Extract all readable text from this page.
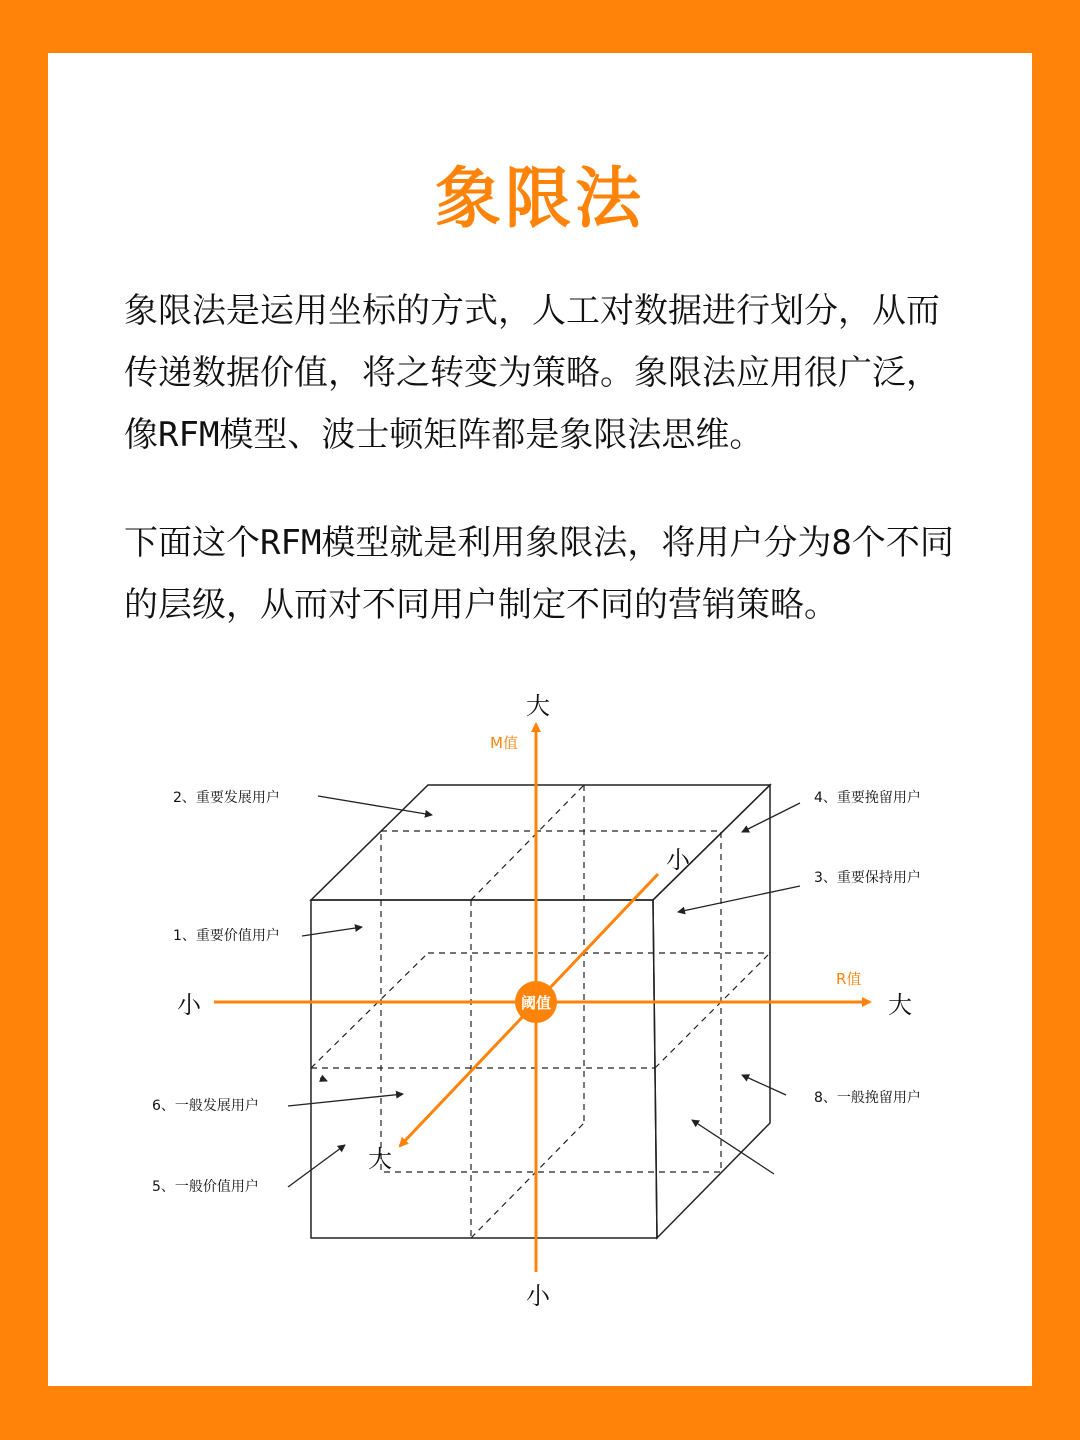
象限法

象限法是运用坐标的方式，人工对数据进行划分，从而传递数据价值，将之转变为策略。象限法应用很广泛，像RFM模型、波士顿矩阵都是象限法思维。

下面这个RFM模型就是利用象限法，将用户分为8个不同的层级，从而对不同用户制定不同的营销策略。

阈值
M值
R值
大
小
小	大
小
大
2、重要发展用户
1、重要价值用户
6、一般发展用户
5、一般价值用户
4、重要挽留用户
3、重要保持用户
8、一般挽留用户
